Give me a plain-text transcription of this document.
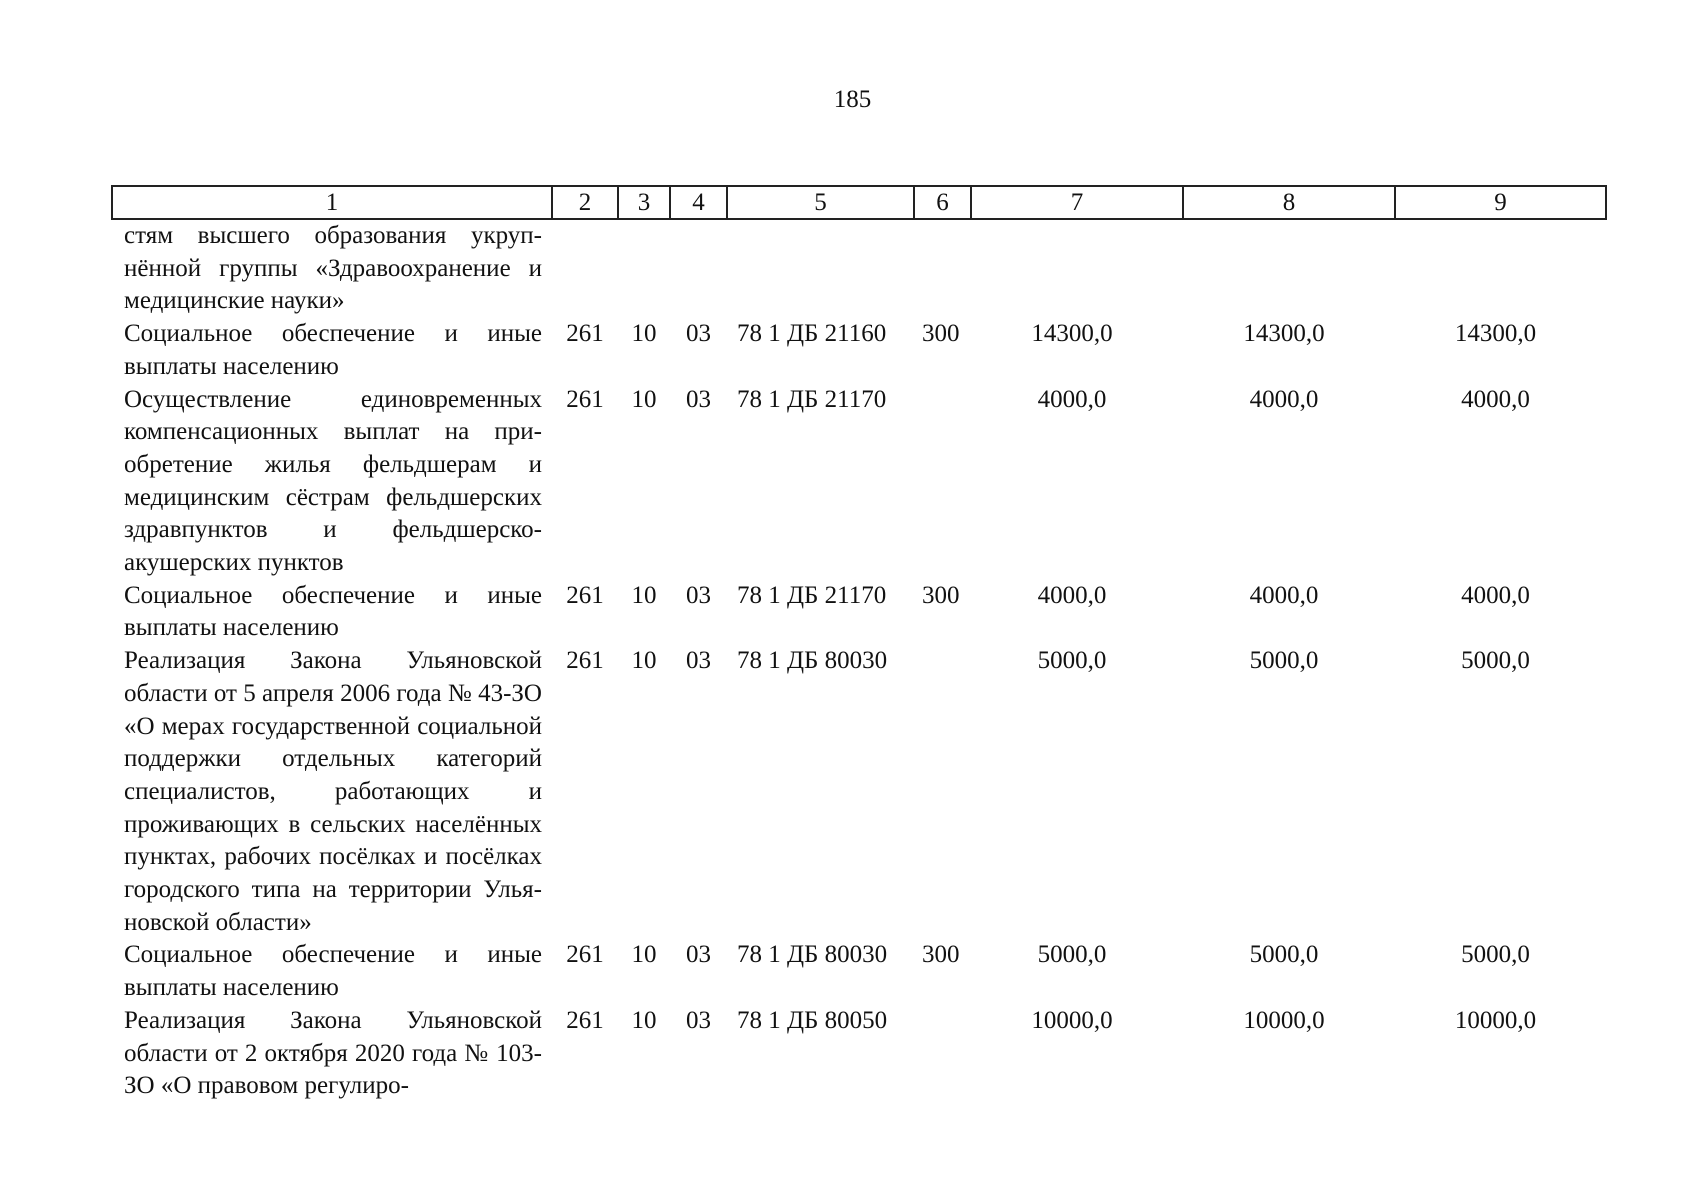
185
1	2	3	4	5	6	7	8	9
стям высшего образования укрупнённой группы «Здравоохранение и медицинские науки»								
Социальное обеспечение и иные выплаты населению	261	10	03	78 1 ДБ 21160	300	14300,0	14300,0	14300,0
Осуществление единовременных компенсационных выплат на приобретение жилья фельдшерам и медицинским сёстрам фельдшерских здравпунктов и фельдшерско-акушерских пунктов	261	10	03	78 1 ДБ 21170		4000,0	4000,0	4000,0
Социальное обеспечение и иные выплаты населению	261	10	03	78 1 ДБ 21170	300	4000,0	4000,0	4000,0
Реализация Закона Ульяновской области от 5 апреля 2006 года № 43-ЗО «О мерах государственной социальной поддержки отдельных категорий специалистов, работающих и проживающих в сельских населённых пунктах, рабочих посёлках и посёлках городского типа на территории Ульяновской области»	261	10	03	78 1 ДБ 80030		5000,0	5000,0	5000,0
Социальное обеспечение и иные выплаты населению	261	10	03	78 1 ДБ 80030	300	5000,0	5000,0	5000,0
Реализация Закона Ульяновской области от 2 октября 2020 года № 103-ЗО «О правовом регулиро-	261	10	03	78 1 ДБ 80050		10000,0	10000,0	10000,0
